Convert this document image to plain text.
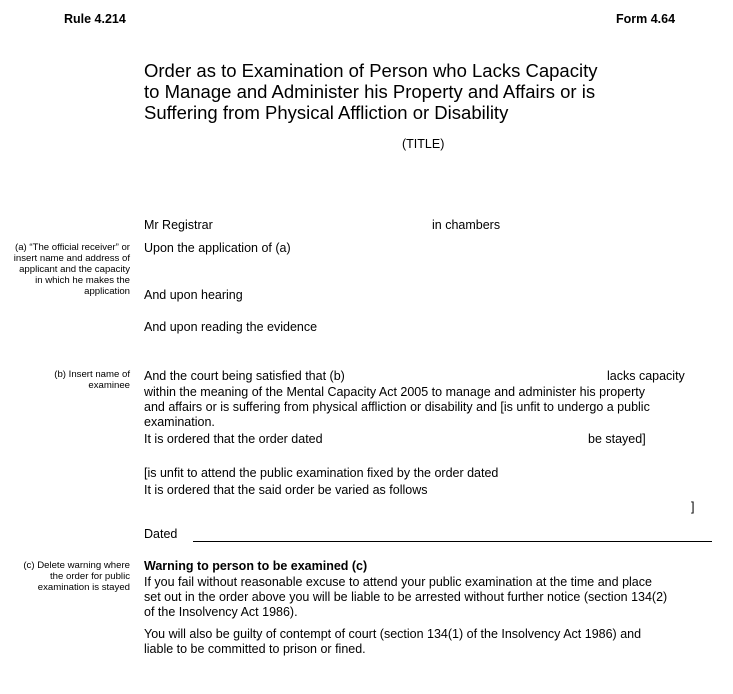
Rule 4.214	Form 4.64
Order as to Examination of Person who Lacks Capacity
to Manage and Administer his Property and Affairs or is
Suffering from Physical Affliction or Disability
(TITLE)
Mr Registrar	in chambers
(a) “The official receiver” or
insert name and address of
applicant and the capacity
in which he makes the
application
Upon the application of (a)
And upon hearing
And upon reading the evidence
(b) Insert name of
examinee
And the court being satisfied that (b)	lacks capacity
within the meaning of the Mental Capacity Act 2005 to manage and administer his property
and affairs or is suffering from physical affliction or disability and [is unfit to undergo a public
examination.
It is ordered that the order dated	be stayed]
[is unfit to attend the public examination fixed by the order dated
It is ordered that the said order be varied as follows
]
Dated
(c) Delete warning where
the order for public
examination is stayed
Warning to person to be examined (c)
If you fail without reasonable excuse to attend your public examination at the time and place
set out in the order above you will be liable to be arrested without further notice (section 134(2)
of the Insolvency Act 1986).
You will also be guilty of contempt of court (section 134(1) of the Insolvency Act 1986) and
liable to be committed to prison or fined.
